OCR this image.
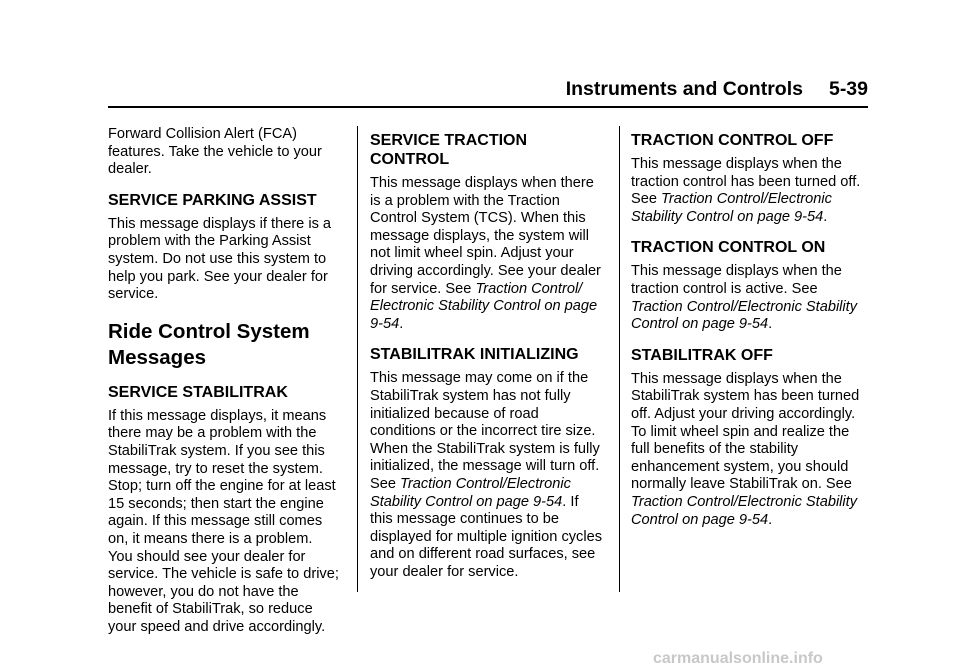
Instruments and Controls 5-39

Forward Collision Alert (FCA) features. Take the vehicle to your dealer.

SERVICE PARKING ASSIST

This message displays if there is a problem with the Parking Assist system. Do not use this system to help you park. See your dealer for service.

Ride Control System Messages
SERVICE STABILITRAK

If this message displays, it means there may be a problem with the StabiliTrak system. If you see this message, try to reset the system. Stop; turn off the engine for at least 15 seconds; then start the engine again. If this message still comes on, it means there is a problem. You should see your dealer for service. The vehicle is safe to drive; however, you do not have the benefit of StabiliTrak, so reduce your speed and drive accordingly.

SERVICE TRACTION CONTROL

This message displays when there is a problem with the Traction Control System (TCS). When this message displays, the system will not limit wheel spin. Adjust your driving accordingly. See your dealer for service. See Traction Control/ Electronic Stability Control on page 9-54.

STABILITRAK INITIALIZING

This message may come on if the StabiliTrak system has not fully initialized because of road conditions or the incorrect tire size. When the StabiliTrak system is fully initialized, the message will turn off. See Traction Control/Electronic Stability Control on page 9-54. If this message continues to be displayed for multiple ignition cycles and on different road surfaces, see your dealer for service.

TRACTION CONTROL OFF

This message displays when the traction control has been turned off. See Traction Control/Electronic Stability Control on page 9-54.

TRACTION CONTROL ON

This message displays when the traction control is active. See Traction Control/Electronic Stability Control on page 9-54.

STABILITRAK OFF

This message displays when the StabiliTrak system has been turned off. Adjust your driving accordingly. To limit wheel spin and realize the full benefits of the stability enhancement system, you should normally leave StabiliTrak on. See Traction Control/Electronic Stability Control on page 9-54.

carmanualsonline.info
